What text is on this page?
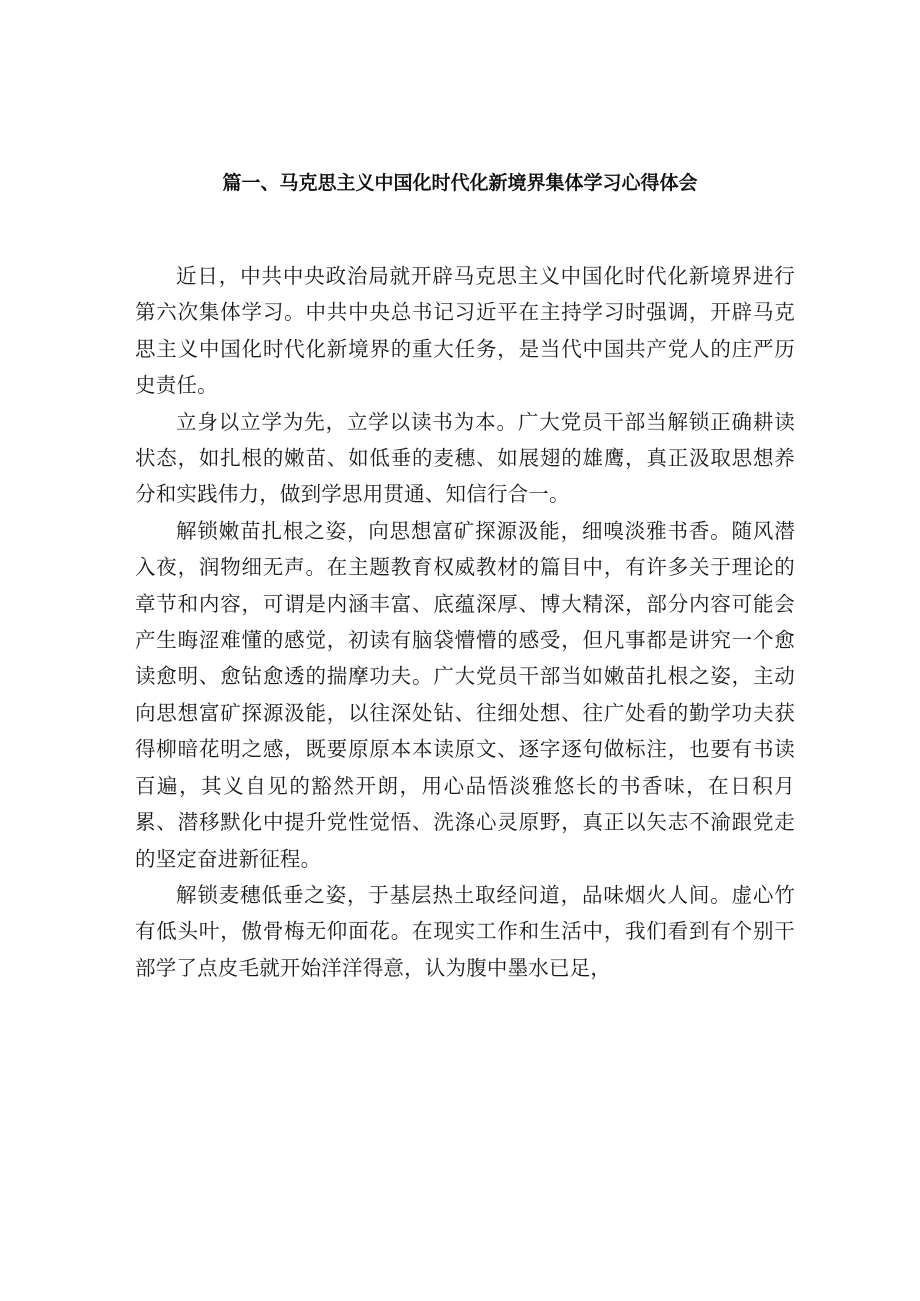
篇一、马克思主义中国化时代化新境界集体学习心得体会

近日，中共中央政治局就开辟马克思主义中国化时代化新境界进行第六次集体学习。中共中央总书记习近平在主持学习时强调，开辟马克思主义中国化时代化新境界的重大任务，是当代中国共产党人的庄严历史责任。

立身以立学为先，立学以读书为本。广大党员干部当解锁正确耕读状态，如扎根的嫩苗、如低垂的麦穗、如展翅的雄鹰，真正汲取思想养分和实践伟力，做到学思用贯通、知信行合一。

解锁嫩苗扎根之姿，向思想富矿探源汲能，细嗅淡雅书香。随风潜入夜，润物细无声。在主题教育权威教材的篇目中，有许多关于理论的章节和内容，可谓是内涵丰富、底蕴深厚、博大精深，部分内容可能会产生晦涩难懂的感觉，初读有脑袋懵懵的感受，但凡事都是讲究一个愈读愈明、愈钻愈透的揣摩功夫。广大党员干部当如嫩苗扎根之姿，主动向思想富矿探源汲能，以往深处钻、往细处想、往广处看的勤学功夫获得柳暗花明之感，既要原原本本读原文、逐字逐句做标注，也要有书读百遍，其义自见的豁然开朗，用心品悟淡雅悠长的书香味，在日积月累、潜移默化中提升党性觉悟、洗涤心灵原野，真正以矢志不渝跟党走的坚定奋进新征程。

解锁麦穗低垂之姿，于基层热土取经问道，品味烟火人间。虚心竹有低头叶，傲骨梅无仰面花。在现实工作和生活中，我们看到有个别干部学了点皮毛就开始洋洋得意，认为腹中墨水已足，
